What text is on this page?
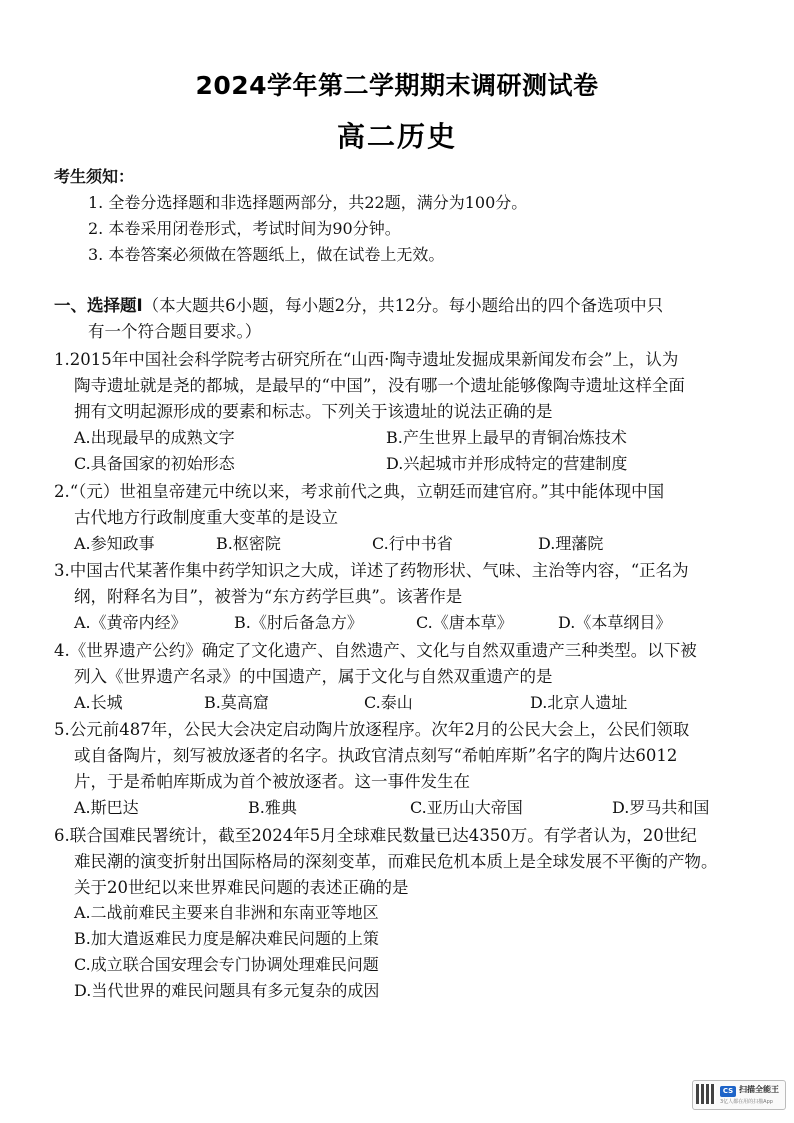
2024学年第二学期期末调研测试卷
高二历史
考生须知：
1. 全卷分选择题和非选择题两部分，共22题，满分为100分。
2. 本卷采用闭卷形式，考试时间为90分钟。
3. 本卷答案必须做在答题纸上，做在试卷上无效。
一、选择题Ⅰ（本大题共6小题，每小题2分，共12分。每小题给出的四个备选项中只
有一个符合题目要求。）
1.2015年中国社会科学院考古研究所在“山西·陶寺遗址发掘成果新闻发布会”上，认为
陶寺遗址就是尧的都城，是最早的“中国”，没有哪一个遗址能够像陶寺遗址这样全面
拥有文明起源形成的要素和标志。下列关于该遗址的说法正确的是
A.出现最早的成熟文字	B.产生世界上最早的青铜冶炼技术
C.具备国家的初始形态	D.兴起城市并形成特定的营建制度
2.“（元）世祖皇帝建元中统以来，考求前代之典，立朝廷而建官府。”其中能体现中国
古代地方行政制度重大变革的是设立
A.参知政事	B.枢密院	C.行中书省	D.理藩院
3.中国古代某著作集中药学知识之大成，详述了药物形状、气味、主治等内容，“正名为
纲，附释名为目”，被誉为“东方药学巨典”。该著作是
A.《黄帝内经》	B.《肘后备急方》	C.《唐本草》	D.《本草纲目》
4.《世界遗产公约》确定了文化遗产、自然遗产、文化与自然双重遗产三种类型。以下被
列入《世界遗产名录》的中国遗产，属于文化与自然双重遗产的是
A.长城	B.莫高窟	C.泰山	D.北京人遗址
5.公元前487年，公民大会决定启动陶片放逐程序。次年2月的公民大会上，公民们领取
或自备陶片，刻写被放逐者的名字。执政官清点刻写“希帕库斯”名字的陶片达6012
片，于是希帕库斯成为首个被放逐者。这一事件发生在
A.斯巴达	B.雅典	C.亚历山大帝国	D.罗马共和国
6.联合国难民署统计，截至2024年5月全球难民数量已达4350万。有学者认为，20世纪
难民潮的演变折射出国际格局的深刻变革，而难民危机本质上是全球发展不平衡的产物。
关于20世纪以来世界难民问题的表述正确的是
A.二战前难民主要来自非洲和东南亚等地区
B.加大遣返难民力度是解决难民问题的上策
C.成立联合国安理会专门协调处理难民问题
D.当代世界的难民问题具有多元复杂的成因
CS 扫描全能王
3亿人都在用的扫描App
